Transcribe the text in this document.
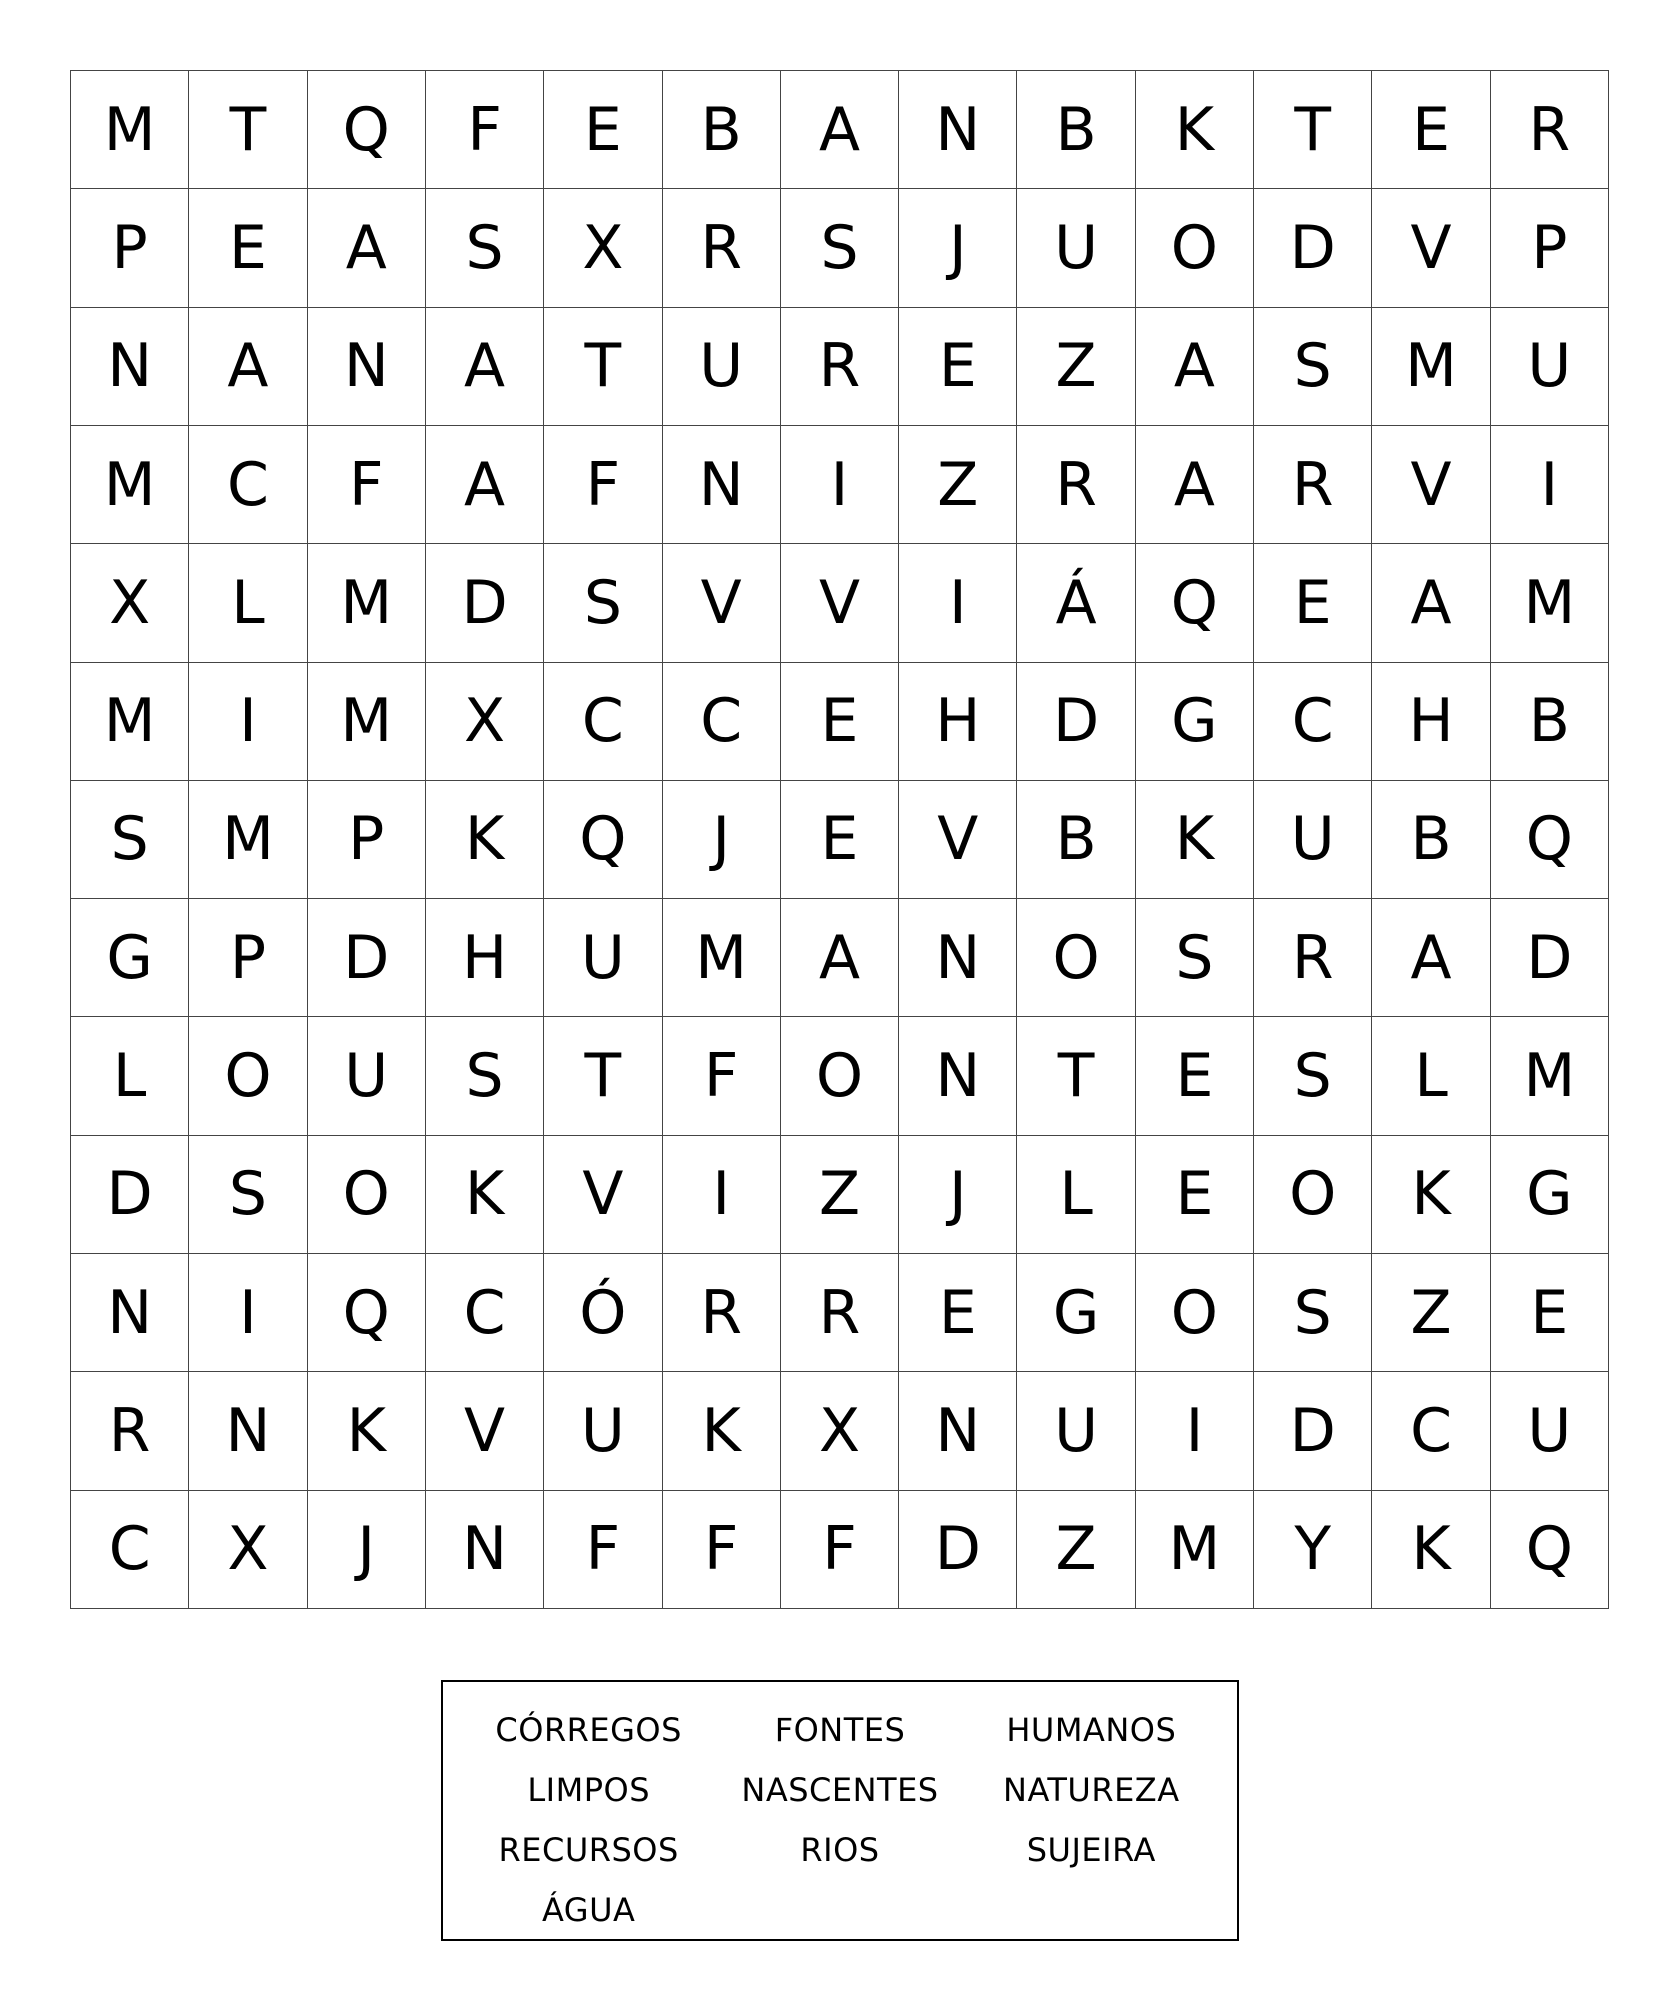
M	T	Q	F	E	B	A	N	B	K	T	E	R
P	E	A	S	X	R	S	J	U	O	D	V	P
N	A	N	A	T	U	R	E	Z	A	S	M	U
M	C	F	A	F	N	I	Z	R	A	R	V	I
X	L	M	D	S	V	V	I	Á	Q	E	A	M
M	I	M	X	C	C	E	H	D	G	C	H	B
S	M	P	K	Q	J	E	V	B	K	U	B	Q
G	P	D	H	U	M	A	N	O	S	R	A	D
L	O	U	S	T	F	O	N	T	E	S	L	M
D	S	O	K	V	I	Z	J	L	E	O	K	G
N	I	Q	C	Ó	R	R	E	G	O	S	Z	E
R	N	K	V	U	K	X	N	U	I	D	C	U
C	X	J	N	F	F	F	D	Z	M	Y	K	Q
CÓRREGOS	FONTES	HUMANOS
LIMPOS	NASCENTES	NATUREZA
RECURSOS	RIOS	SUJEIRA
ÁGUA
